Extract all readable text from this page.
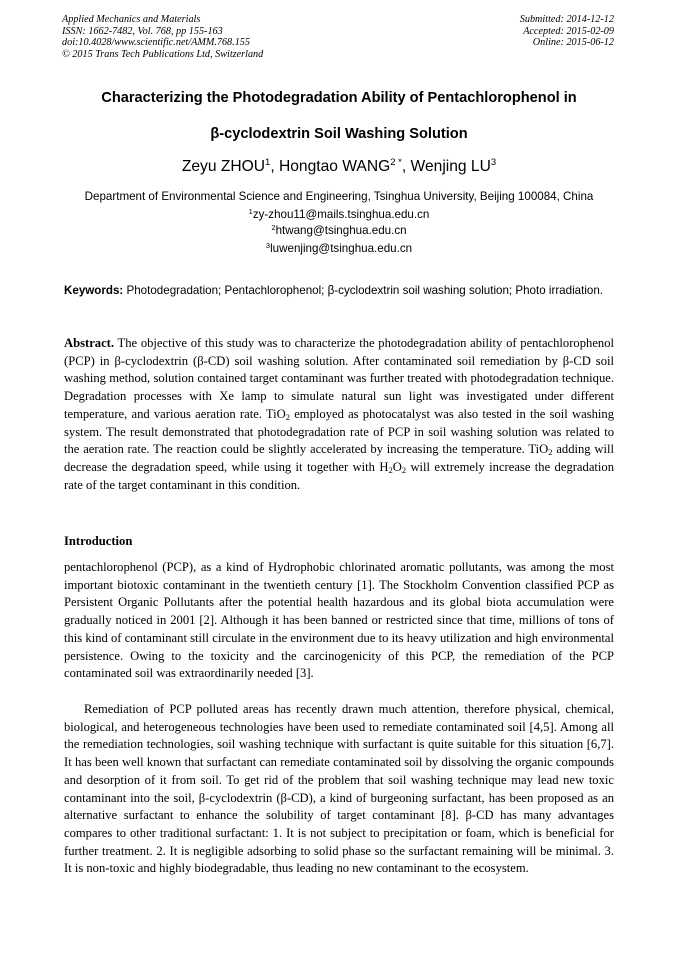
Applied Mechanics and Materials
ISSN: 1662-7482, Vol. 768, pp 155-163
doi:10.4028/www.scientific.net/AMM.768.155
© 2015 Trans Tech Publications Ltd, Switzerland
Submitted: 2014-12-12
Accepted: 2015-02-09
Online: 2015-06-12
Characterizing the Photodegradation Ability of Pentachlorophenol in
β-cyclodextrin Soil Washing Solution
Zeyu ZHOU$^1$, Hongtao $WANG^{2 *}$, Wenjing $LU^3$
Department of Environmental Science and Engineering, Tsinghua University, Beijing 100084, China
$^1$zy-zhou11@mails.tsinghua.edu.cn
$^2$htwang@tsinghua.edu.cn
$^3$luwenjing@tsinghua.edu.cn
Keywords: Photodegradation; Pentachlorophenol; β-cyclodextrin soil washing solution; Photo irradiation.
Abstract. The objective of this study was to characterize the photodegradation ability of pentachlorophenol (PCP) in β-cyclodextrin (β-CD) soil washing solution. After contaminated soil remediation by β-CD soil washing method, solution contained target contaminant was further treated with photodegradation technique. Degradation processes with Xe lamp to simulate natural sun light was investigated under different temperature, and various aeration rate. TiO$_2$ employed as photocatalyst was also tested in the soil washing system. The result demonstrated that photodegradation rate of PCP in soil washing solution was related to the aeration rate. The reaction could be slightly accelerated by increasing the temperature. TiO$_2$ adding will decrease the degradation speed, while using it together with $H_2O_2$ will extremely increase the degradation rate of the target contaminant in this condition.
Introduction
pentachlorophenol (PCP), as a kind of Hydrophobic chlorinated aromatic pollutants, was among the most important biotoxic contaminant in the twentieth century [1]. The Stockholm Convention classified PCP as Persistent Organic Pollutants after the potential health hazardous and its global biota accumulation were gradually noticed in 2001 [2]. Although it has been banned or restricted since that time, millions of tons of this kind of contaminant still circulate in the environment due to its heavy utilization and high environmental persistence. Owing to the toxicity and the carcinogenicity of this PCP, the remediation of the PCP contaminated soil was extraordinarily needed [3].
Remediation of PCP polluted areas has recently drawn much attention, therefore physical, chemical, biological, and heterogeneous technologies have been used to remediate contaminated soil [4,5]. Among all the remediation technologies, soil washing technique with surfactant is quite suitable for this situation [6,7]. It has been well known that surfactant can remediate contaminated soil by dissolving the organic compounds and desorption of it from soil. To get rid of the problem that soil washing technique may lead new toxic contaminant into the soil, β-cyclodextrin (β-CD), a kind of burgeoning surfactant, has been proposed as an alternative surfactant to enhance the solubility of target contaminant [8]. β-CD has many advantages compares to other traditional surfactant: 1. It is not subject to precipitation or foam, which is beneficial for further treatment. 2. It is negligible adsorbing to solid phase so the surfactant remaining will be minimal. 3. It is non-toxic and highly biodegradable, thus leading no new contaminant to the ecosystem.
